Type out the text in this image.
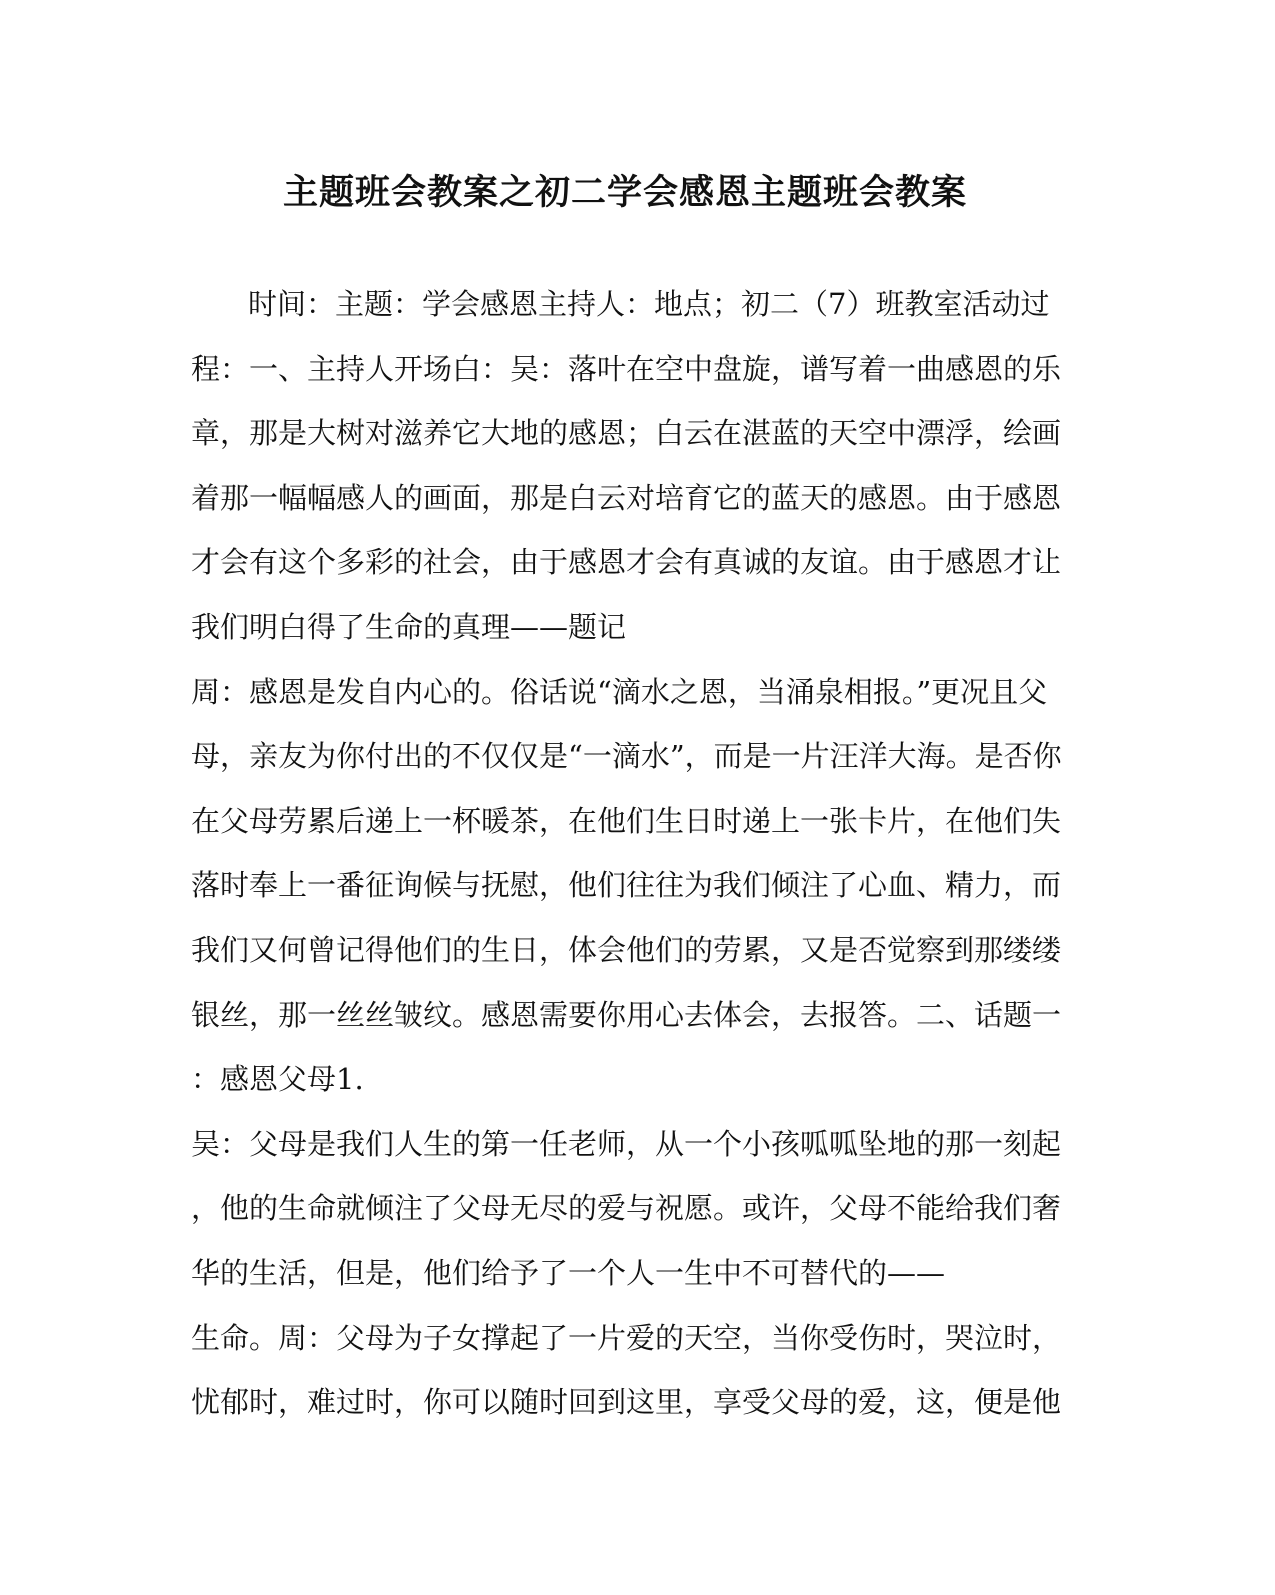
主题班会教案之初二学会感恩主题班会教案
时间：主题：学会感恩主持人：地点；初二（7）班教室活动过
程：一、主持人开场白：吴：落叶在空中盘旋，谱写着一曲感恩的乐
章，那是大树对滋养它大地的感恩；白云在湛蓝的天空中漂浮，绘画
着那一幅幅感人的画面，那是白云对培育它的蓝天的感恩。由于感恩
才会有这个多彩的社会，由于感恩才会有真诚的友谊。由于感恩才让
我们明白得了生命的真理——题记
周：感恩是发自内心的。俗话说“滴水之恩，当涌泉相报。”更况且父
母，亲友为你付出的不仅仅是“一滴水”，而是一片汪洋大海。是否你
在父母劳累后递上一杯暖茶，在他们生日时递上一张卡片，在他们失
落时奉上一番征询候与抚慰，他们往往为我们倾注了心血、精力，而
我们又何曾记得他们的生日，体会他们的劳累，又是否觉察到那缕缕
银丝，那一丝丝皱纹。感恩需要你用心去体会，去报答。二、话题一
：感恩父母1.
吴：父母是我们人生的第一任老师，从一个小孩呱呱坠地的那一刻起
，他的生命就倾注了父母无尽的爱与祝愿。或许，父母不能给我们奢
华的生活，但是，他们给予了一个人一生中不可替代的——
生命。周：父母为子女撑起了一片爱的天空，当你受伤时，哭泣时，
忧郁时，难过时，你可以随时回到这里，享受父母的爱，这，便是他
